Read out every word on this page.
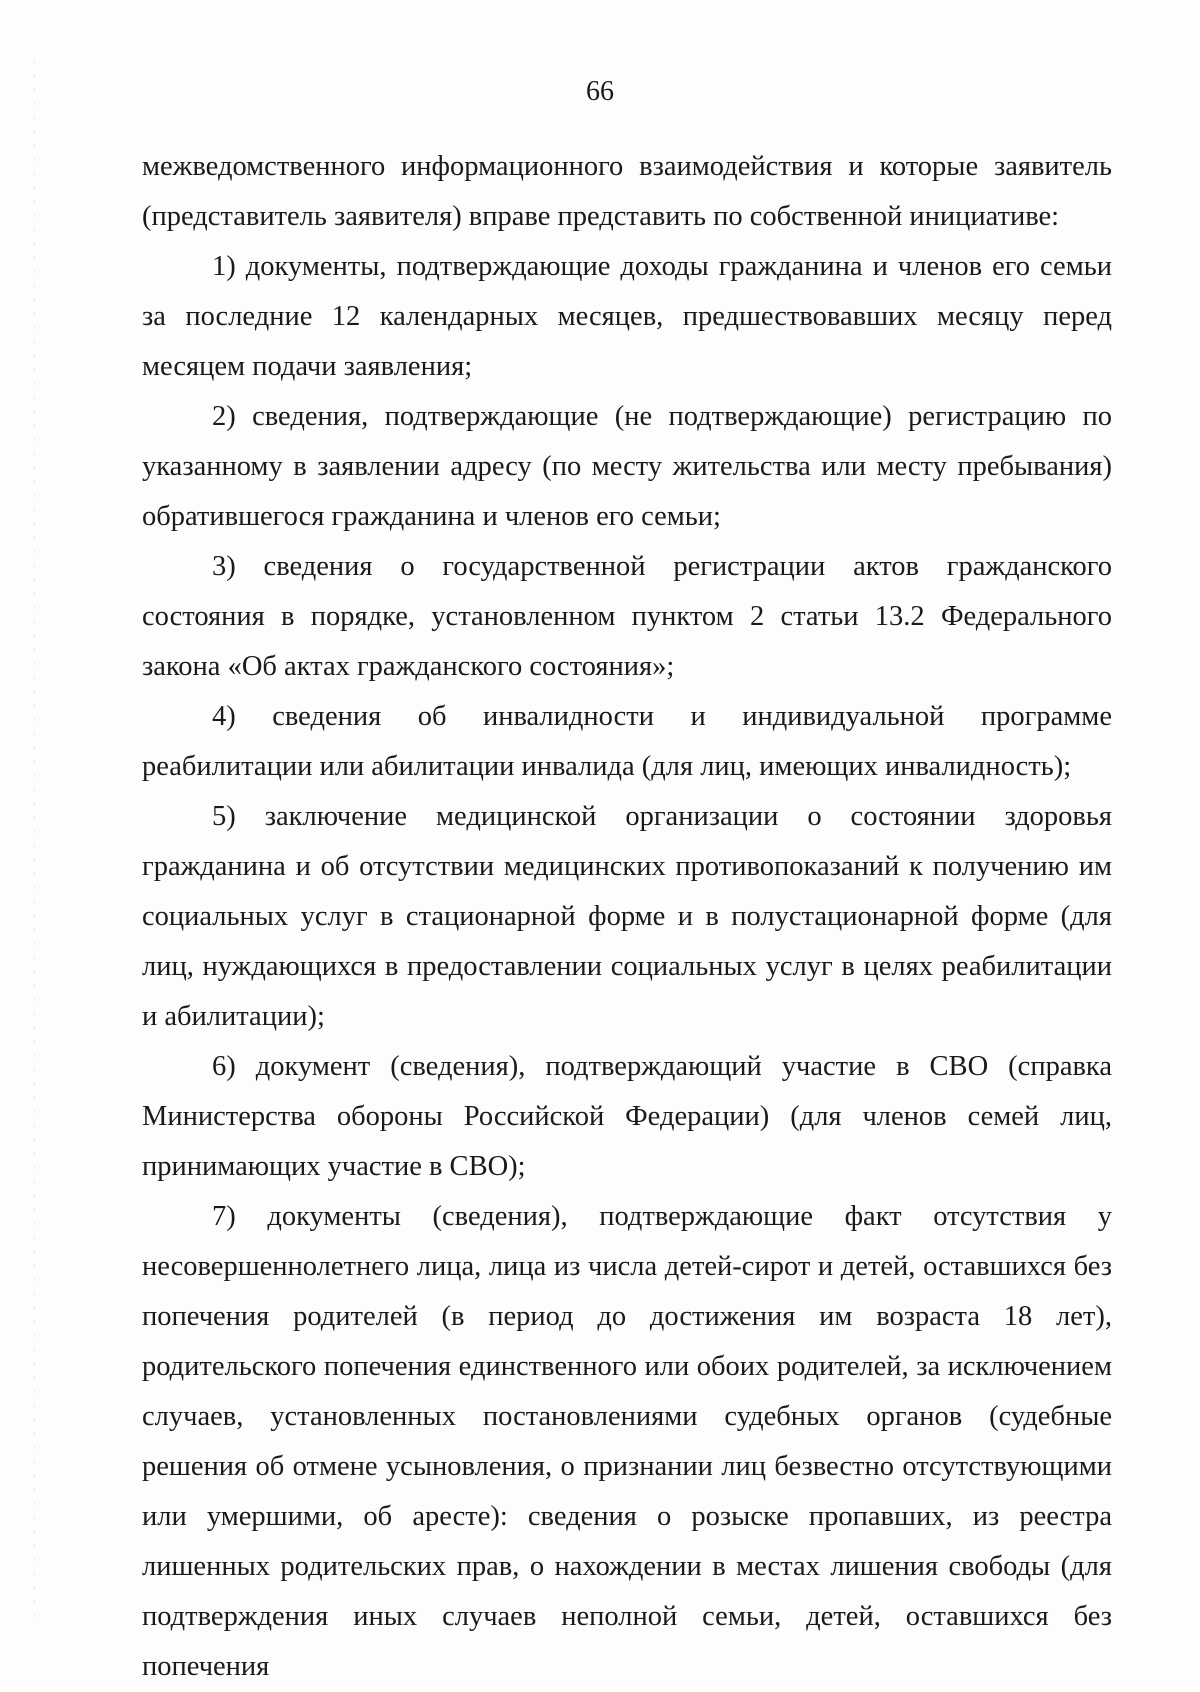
66

межведомственного информационного взаимодействия и которые заявитель (представитель заявителя) вправе представить по собственной инициативе:

1) документы, подтверждающие доходы гражданина и членов его семьи за последние 12 календарных месяцев, предшествовавших месяцу перед месяцем подачи заявления;

2) сведения, подтверждающие (не подтверждающие) регистрацию по указанному в заявлении адресу (по месту жительства или месту пребывания) обратившегося гражданина и членов его семьи;

3) сведения о государственной регистрации актов гражданского состояния в порядке, установленном пунктом 2 статьи 13.2 Федерального закона «Об актах гражданского состояния»;

4) сведения об инвалидности и индивидуальной программе реабилитации или абилитации инвалида (для лиц, имеющих инвалидность);

5) заключение медицинской организации о состоянии здоровья гражданина и об отсутствии медицинских противопоказаний к получению им социальных услуг в стационарной форме и в полустационарной форме (для лиц, нуждающихся в предоставлении социальных услуг в целях реабилитации и абилитации);

6) документ (сведения), подтверждающий участие в СВО (справка Министерства обороны Российской Федерации) (для членов семей лиц, принимающих участие в СВО);

7) документы (сведения), подтверждающие факт отсутствия у несовершеннолетнего лица, лица из числа детей-сирот и детей, оставшихся без попечения родителей (в период до достижения им возраста 18 лет), родительского попечения единственного или обоих родителей, за исключением случаев, установленных постановлениями судебных органов (судебные решения об отмене усыновления, о признании лиц безвестно отсутствующими или умершими, об аресте): сведения о розыске пропавших, из реестра лишенных родительских прав, о нахождении в местах лишения свободы (для подтверждения иных случаев неполной семьи, детей, оставшихся без попечения
